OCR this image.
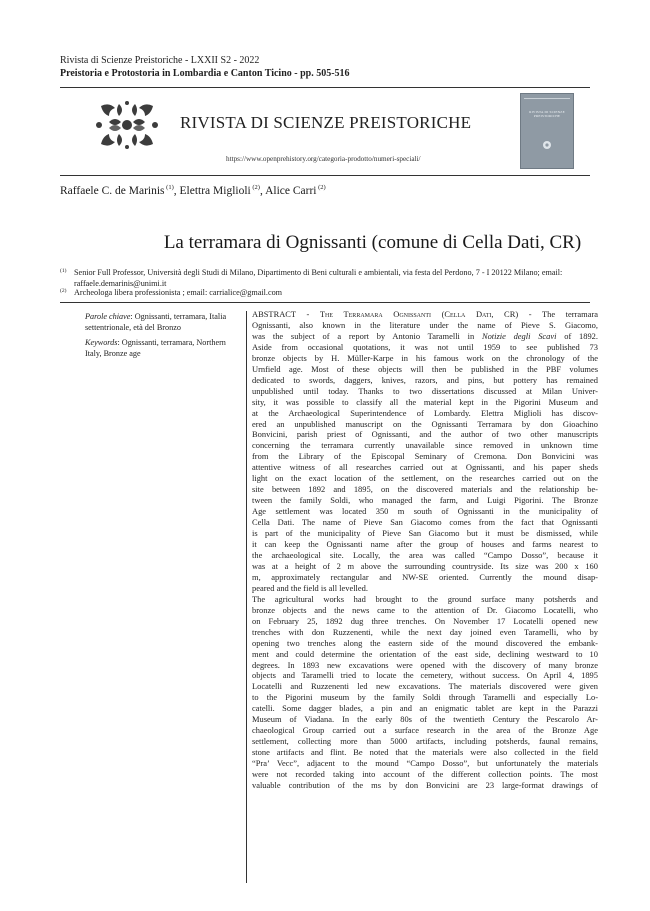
Rivista di Scienze Preistoriche - LXXII S2 - 2022
Preistoria e Protostoria in Lombardia e Canton Ticino - pp. 505-516
RIVISTA DI SCIENZE PREISTORICHE
https://www.openprehistory.org/categoria-prodotto/numeri-speciali/
RIVISTA DI SCIENZE PREISTORICHE
Raffaele C. de Marinis $^{(1)}$, Elettra Miglioli $^{(2)}$, Alice Carri $^{(2)}$
La terramara di Ognissanti (comune di Cella Dati, CR)
(1) Senior Full Professor, Università degli Studi di Milano, Dipartimento di Beni culturali e ambientali, via festa del Perdono, 7 - I 20122 Milano; email: raffaele.demarinis@unimi.it
(2) Archeologa libera professionista ; email: carrialice@gmail.com

Parole chiave: Ognissanti, terramara, Italia settentrionale, età del Bronzo

Keywords: Ognissanti, terramara, Northern Italy, Bronze age

ABSTRACT - The Terramara Ognissanti (Cella Dati, CR) - The terramara
Ognissanti, also known in the literature under the name of Pieve S. Giacomo,
was the subject of a report by Antonio Taramelli in Notizie degli Scavi of 1892.
Aside from occasional quotations, it was not until 1959 to see published 73
bronze objects by H. Müller-Karpe in his famous work on the chronology of the
Urnfield age. Most of these objects will then be published in the PBF volumes
dedicated to swords, daggers, knives, razors, and pins, but pottery has remained
unpublished until today. Thanks to two dissertations discussed at Milan Univer-
sity, it was possible to classify all the material kept in the Pigorini Museum and
at the Archaeological Superintendence of Lombardy. Elettra Miglioli has discov-
ered an unpublished manuscript on the Ognissanti Terramara by don Gioachino
Bonvicini, parish priest of Ognissanti, and the author of two other manuscripts
concerning the terramara currently unavailable since removed in unknown time
from the Library of the Episcopal Seminary of Cremona. Don Bonvicini was
attentive witness of all researches carried out at Ognissanti, and his paper sheds
light on the exact location of the settlement, on the researches carried out on the
site between 1892 and 1895, on the discovered materials and the relationship be-
tween the family Soldi, who managed the farm, and Luigi Pigorini. The Bronze
Age settlement was located 350 m south of Ognissanti in the municipality of
Cella Dati. The name of Pieve San Giacomo comes from the fact that Ognissanti
is part of the municipality of Pieve San Giacomo but it must be dismissed, while
it can keep the Ognissanti name after the group of houses and farms nearest to
the archaeological site. Locally, the area was called “Campo Dosso”, because it
was at a height of 2 m above the surrounding countryside. Its size was 200 x 160
m, approximately rectangular and NW-SE oriented. Currently the mound disap-
peared and the field is all levelled.
The agricultural works had brought to the ground surface many potsherds and
bronze objects and the news came to the attention of Dr. Giacomo Locatelli, who
on February 25, 1892 dug three trenches. On November 17 Locatelli opened new
trenches with don Ruzzenenti, while the next day joined even Taramelli, who by
opening two trenches along the eastern side of the mound discovered the embank-
ment and could determine the orientation of the east side, declining westward to 10
degrees. In 1893 new excavations were opened with the discovery of many bronze
objects and Taramelli tried to locate the cemetery, without success. On April 4, 1895
Locatelli and Ruzzenenti led new excavations. The materials discovered were given
to the Pigorini museum by the family Soldi through Taramelli and especially Lo-
catelli. Some dagger blades, a pin and an enigmatic tablet are kept in the Parazzi
Museum of Viadana. In the early 80s of the twentieth Century the Pescarolo Ar-
chaeological Group carried out a surface research in the area of the Bronze Age
settlement, collecting more than 5000 artifacts, including potsherds, faunal remains,
stone artifacts and flint. Be noted that the materials were also collected in the field
“Pra’ Vecc”, adjacent to the mound “Campo Dosso”, but unfortunately the materials
were not recorded taking into account of the different collection points. The most
valuable contribution of the ms by don Bonvicini are 23 large-format drawings of
